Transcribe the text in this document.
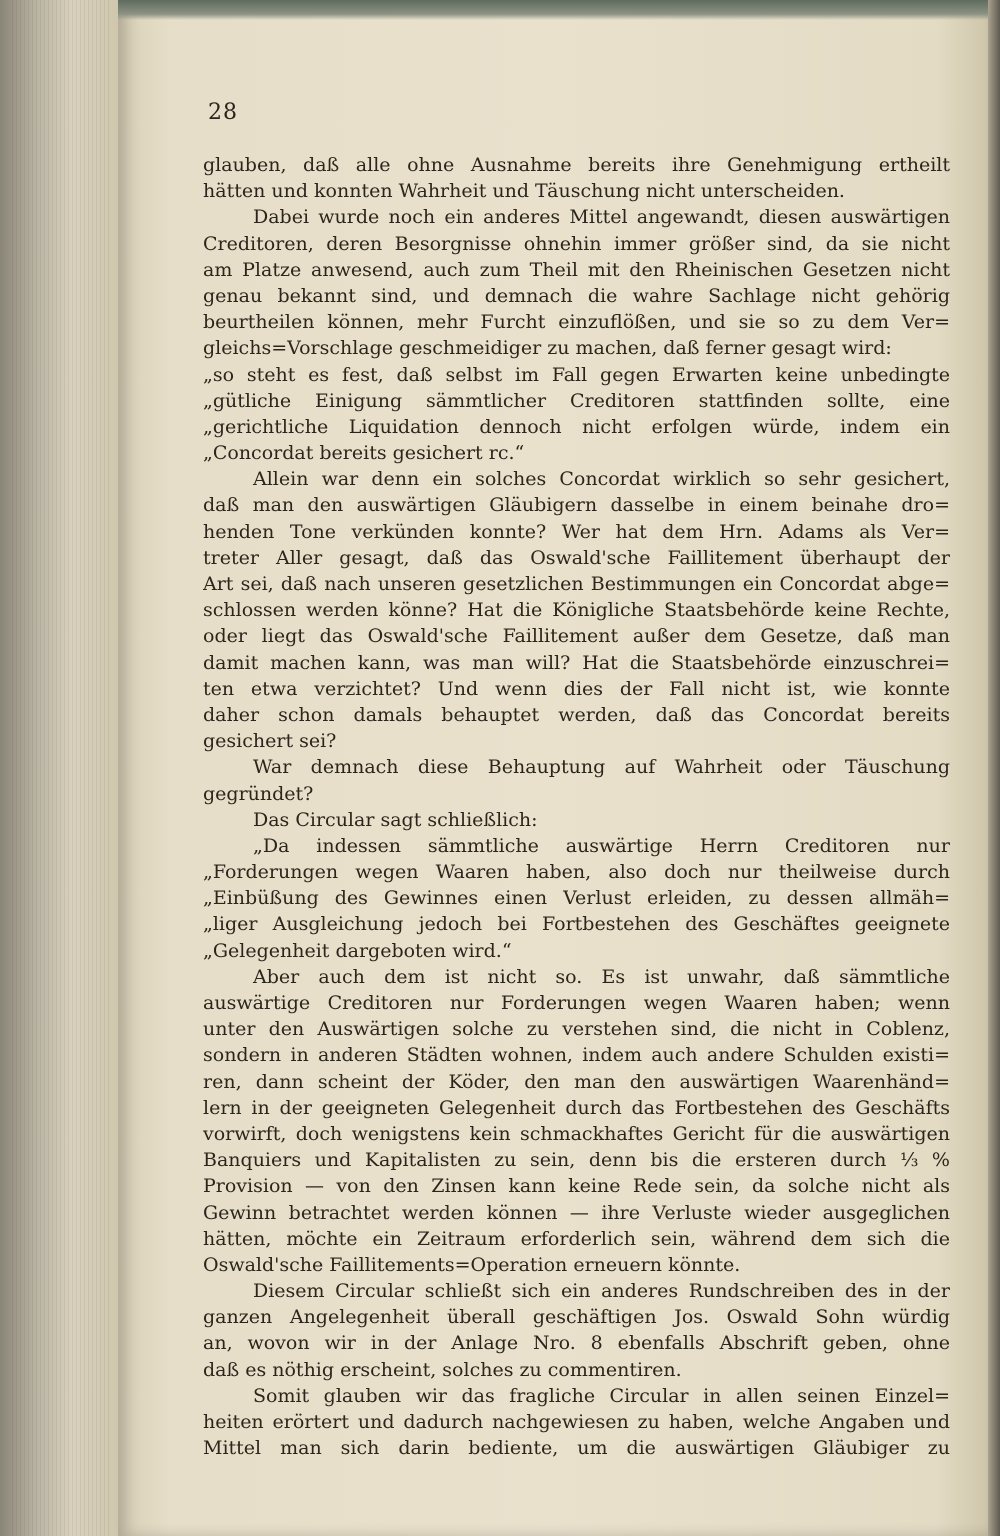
28
glauben, daß alle ohne Ausnahme bereits ihre Genehmigung ertheilt
hätten und konnten Wahrheit und Täuschung nicht unterscheiden.
Dabei wurde noch ein anderes Mittel angewandt, diesen auswärtigen
Creditoren, deren Besorgnisse ohnehin immer größer sind, da sie nicht
am Platze anwesend, auch zum Theil mit den Rheinischen Gesetzen nicht
genau bekannt sind, und demnach die wahre Sachlage nicht gehörig
beurtheilen können, mehr Furcht einzuflößen, und sie so zu dem Ver=
gleichs=Vorschlage geschmeidiger zu machen, daß ferner gesagt wird:
„so steht es fest, daß selbst im Fall gegen Erwarten keine unbedingte
„gütliche Einigung sämmtlicher Creditoren stattfinden sollte, eine
„gerichtliche Liquidation dennoch nicht erfolgen würde, indem ein
„Concordat bereits gesichert rc.“
Allein war denn ein solches Concordat wirklich so sehr gesichert,
daß man den auswärtigen Gläubigern dasselbe in einem beinahe dro=
henden Tone verkünden konnte? Wer hat dem Hrn. Adams als Ver=
treter Aller gesagt, daß das Oswald'sche Faillitement überhaupt der
Art sei, daß nach unseren gesetzlichen Bestimmungen ein Concordat abge=
schlossen werden könne? Hat die Königliche Staatsbehörde keine Rechte,
oder liegt das Oswald'sche Faillitement außer dem Gesetze, daß man
damit machen kann, was man will? Hat die Staatsbehörde einzuschrei=
ten etwa verzichtet? Und wenn dies der Fall nicht ist, wie konnte
daher schon damals behauptet werden, daß das Concordat bereits
gesichert sei?
War demnach diese Behauptung auf Wahrheit oder Täuschung
gegründet?
Das Circular sagt schließlich:
„Da indessen sämmtliche auswärtige Herrn Creditoren nur
„Forderungen wegen Waaren haben, also doch nur theilweise durch
„Einbüßung des Gewinnes einen Verlust erleiden, zu dessen allmäh=
„liger Ausgleichung jedoch bei Fortbestehen des Geschäftes geeignete
„Gelegenheit dargeboten wird.“
Aber auch dem ist nicht so. Es ist unwahr, daß sämmtliche
auswärtige Creditoren nur Forderungen wegen Waaren haben; wenn
unter den Auswärtigen solche zu verstehen sind, die nicht in Coblenz,
sondern in anderen Städten wohnen, indem auch andere Schulden existi=
ren, dann scheint der Köder, den man den auswärtigen Waarenhänd=
lern in der geeigneten Gelegenheit durch das Fortbestehen des Geschäfts
vorwirft, doch wenigstens kein schmackhaftes Gericht für die auswärtigen
Banquiers und Kapitalisten zu sein, denn bis die ersteren durch ⅓ %
Provision — von den Zinsen kann keine Rede sein, da solche nicht als
Gewinn betrachtet werden können — ihre Verluste wieder ausgeglichen
hätten, möchte ein Zeitraum erforderlich sein, während dem sich die
Oswald'sche Faillitements=Operation erneuern könnte.
Diesem Circular schließt sich ein anderes Rundschreiben des in der
ganzen Angelegenheit überall geschäftigen Jos. Oswald Sohn würdig
an, wovon wir in der Anlage Nro. 8 ebenfalls Abschrift geben, ohne
daß es nöthig erscheint, solches zu commentiren.
Somit glauben wir das fragliche Circular in allen seinen Einzel=
heiten erörtert und dadurch nachgewiesen zu haben, welche Angaben und
Mittel man sich darin bediente, um die auswärtigen Gläubiger zu
